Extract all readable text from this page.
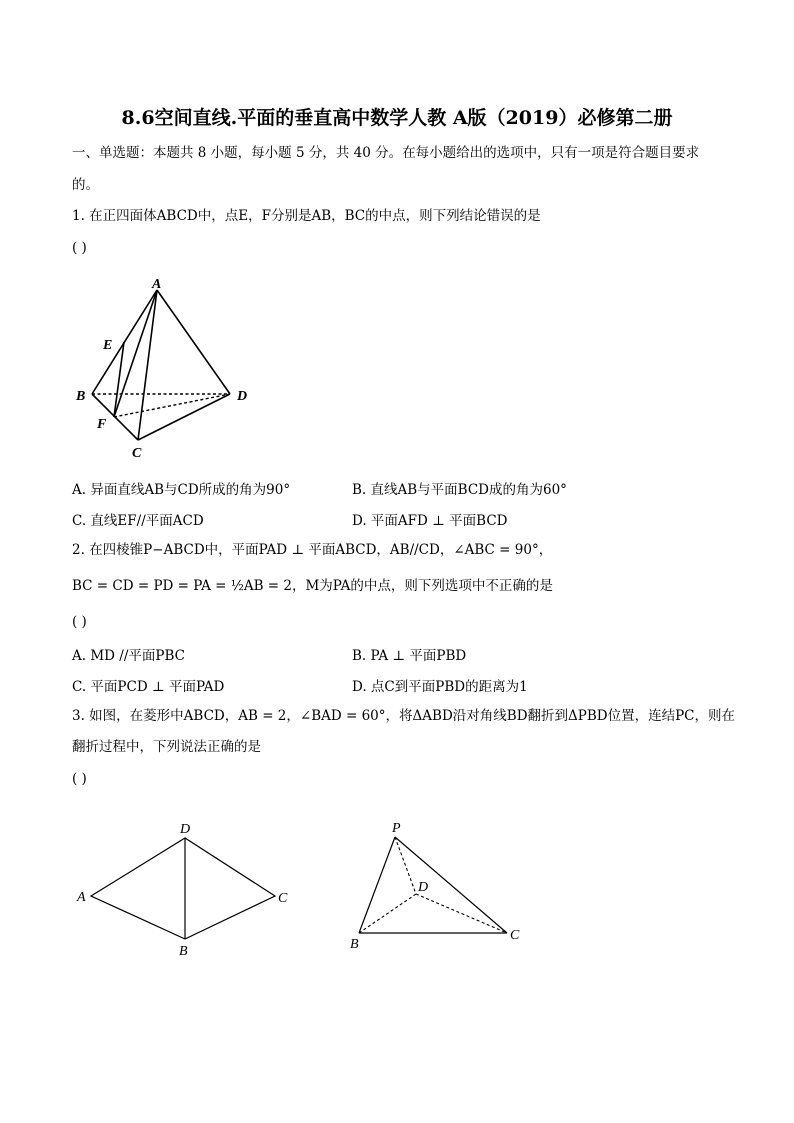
8.6空间直线.平面的垂直高中数学人教 A版（2019）必修第二册
一、单选题：本题共 8 小题，每小题 5 分，共 40 分。在每小题给出的选项中，只有一项是符合题目要求
的。
1. 在正四面体ABCD中，点E，F分别是AB，BC的中点，则下列结论错误的是
( )
A
E
B	D
F
C
A. 异面直线AB与CD所成的角为90°	B. 直线AB与平面BCD成的角为60°
C. 直线EF//平面ACD	D. 平面AFD ⊥ 平面BCD
2. 在四棱锥P−ABCD中，平面PAD ⊥ 平面ABCD，AB//CD，∠ABC = 90°，
BC = CD = PD = PA = ½AB = 2，M为PA的中点，则下列选项中不正确的是
( )
A. MD //平面PBC	B. PA ⊥ 平面PBD
C. 平面PCD ⊥ 平面PAD	D. 点C到平面PBD的距离为1
3. 如图，在菱形中ABCD，AB = 2，∠BAD = 60°，将ΔABD沿对角线BD翻折到ΔPBD位置，连结PC，则在
翻折过程中，下列说法正确的是
( )
D
A	C
B
P
D
B
C
